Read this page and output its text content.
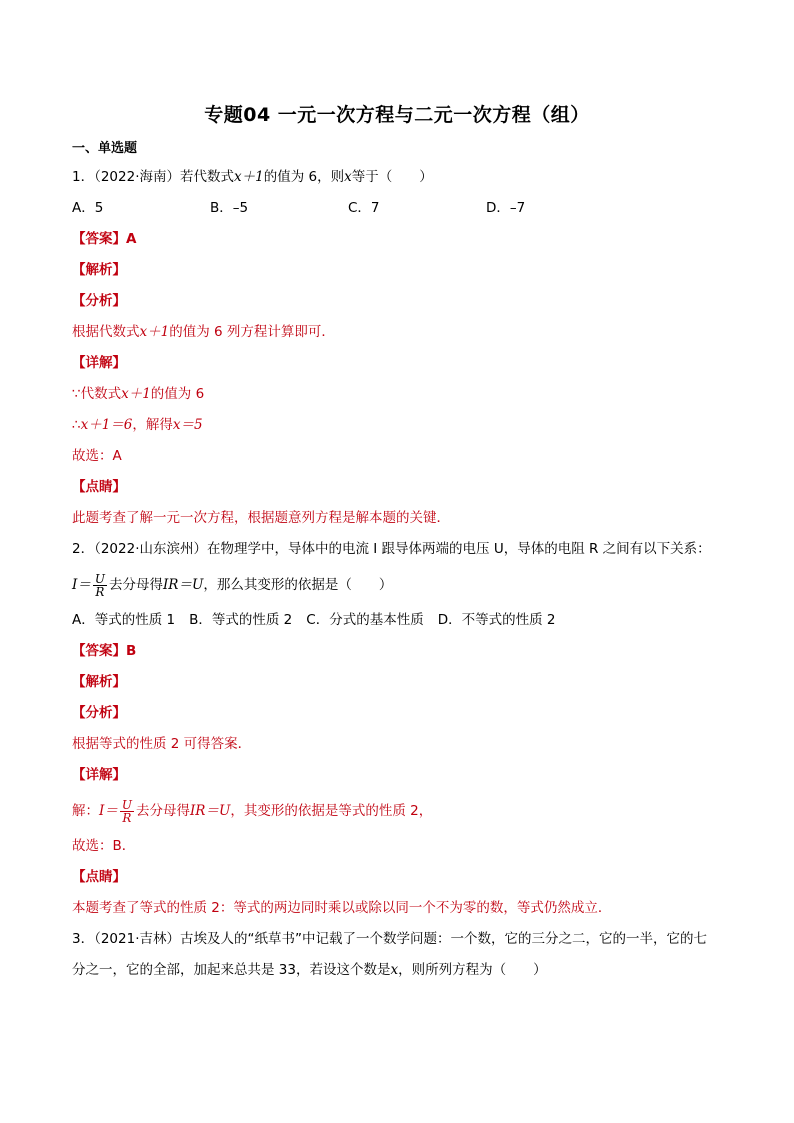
专题04 一元一次方程与二元一次方程（组）
一、单选题
1．（2022·海南）若代数式x＋1的值为 6，则x等于（　　）
A．5	B．–5	C．7	D．–7
【答案】A
【解析】
【分析】
根据代数式x＋1的值为 6 列方程计算即可．
【详解】
∵代数式x＋1的值为 6
∴x＋1＝6，解得x＝5
故选：A
【点睛】
此题考查了解一元一次方程，根据题意列方程是解本题的关键．
2．（2022·山东滨州）在物理学中，导体中的电流 I 跟导体两端的电压 U，导体的电阻 R 之间有以下关系：
$I= \frac{U}{R}$ 去分母得IR＝U，那么其变形的依据是（　　）
A．等式的性质 1 B．等式的性质 2 C．分式的基本性质 D．不等式的性质 2
【答案】B
【解析】
【分析】
根据等式的性质 2 可得答案．
【详解】
解：$I= \frac{U}{R}$ 去分母得IR＝U，其变形的依据是等式的性质 2，
故选：B．
【点睛】
本题考查了等式的性质 2：等式的两边同时乘以或除以同一个不为零的数，等式仍然成立．
3．（2021·吉林）古埃及人的“纸草书”中记载了一个数学问题：一个数，它的三分之二，它的一半，它的七
分之一，它的全部，加起来总共是 33，若设这个数是x，则所列方程为（　　）
